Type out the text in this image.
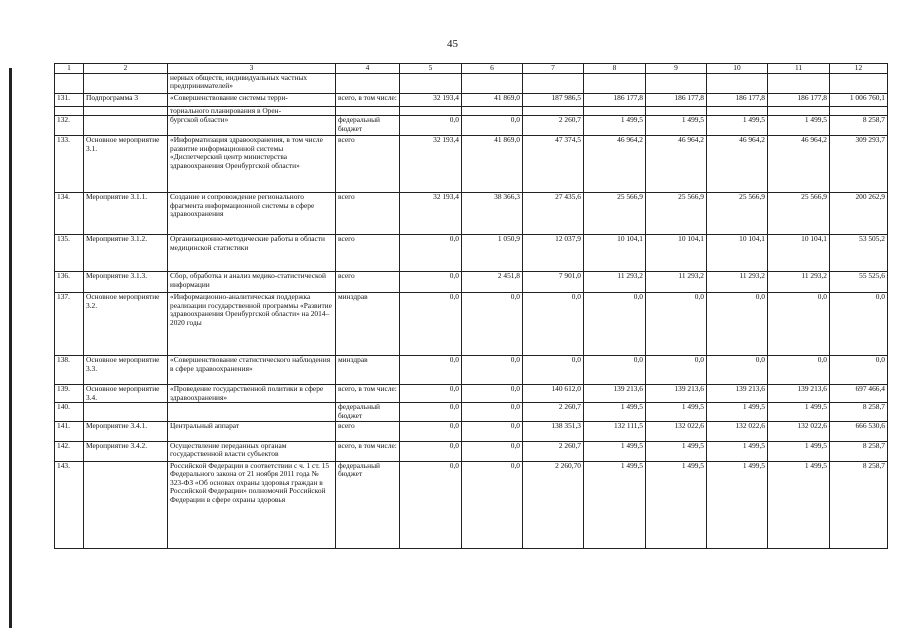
45
1	2	3	4	5	6	7	8	9	10	11	12
		нерных обществ, индивидуальных частных предпринимателей»									
131.	Подпрограмма 3	«Совершенствование системы терри-	всего, в том числе:	32 193,4	41 869,0	187 986,5	186 177,8	186 177,8	186 177,8	186 177,8	1 006 760,1
		ториального планирования в Орен-									
132.		бургской области»	федеральный бюджет	0,0	0,0	2 260,7	1 499,5	1 499,5	1 499,5	1 499,5	8 258,7
133.	Основное мероприятие 3.1.	«Информатизация здравоохранения, в том числе развитие информационной системы «Диспетчерский центр министерства здравоохранения Оренбургской области»	всего	32 193,4	41 869,0	47 374,5	46 964,2	46 964,2	46 964,2	46 964,2	309 293,7
134.	Мероприятие 3.1.1.	Создание и сопровождение регионального фрагмента информационной системы в сфере здравоохранения	всего	32 193,4	38 366,3	27 435,6	25 566,9	25 566,9	25 566,9	25 566,9	200 262,9
135.	Мероприятие 3.1.2.	Организационно-методические работы в области медицинской статистики	всего	0,0	1 050,9	12 037,9	10 104,1	10 104,1	10 104,1	10 104,1	53 505,2
136.	Мероприятие 3.1.3.	Сбор, обработка и анализ медико-статистической информации	всего	0,0	2 451,8	7 901,0	11 293,2	11 293,2	11 293,2	11 293,2	55 525,6
137.	Основное мероприятие 3.2.	«Информационно-аналитическая поддержка реализации государственной программы «Развитие здравоохранения Оренбургской области» на 2014–2020 годы	минздрав	0,0	0,0	0,0	0,0	0,0	0,0	0,0	0,0
138.	Основное мероприятие 3.3.	«Совершенствование статистического наблюдения в сфере здравоохранения»	минздрав	0,0	0,0	0,0	0,0	0,0	0,0	0,0	0,0
139.	Основное мероприятие 3.4.	«Проведение государственной политики в сфере здравоохранения»	всего, в том числе:	0,0	0,0	140 612,0	139 213,6	139 213,6	139 213,6	139 213,6	697 466,4
140.			федеральный бюджет	0,0	0,0	2 260,7	1 499,5	1 499,5	1 499,5	1 499,5	8 258,7
141.	Мероприятие 3.4.1.	Центральный аппарат	всего	0,0	0,0	138 351,3	132 111,5	132 022,6	132 022,6	132 022,6	666 530,6
142.	Мероприятие 3.4.2.	Осуществление переданных органам государственной власти субъектов	всего, в том числе:	0,0	0,0	2 260,7	1 499,5	1 499,5	1 499,5	1 499,5	8 258,7
143.		Российской Федерации в соответствии с ч. 1 ст. 15 Федерального закона от 21 ноября 2011 года № 323-ФЗ «Об основах охраны здоровья граждан в Российской Федерации» полномочий Российской Федерации в сфере охраны здоровья	федеральный бюджет	0,0	0,0	2 260,70	1 499,5	1 499,5	1 499,5	1 499,5	8 258,7
